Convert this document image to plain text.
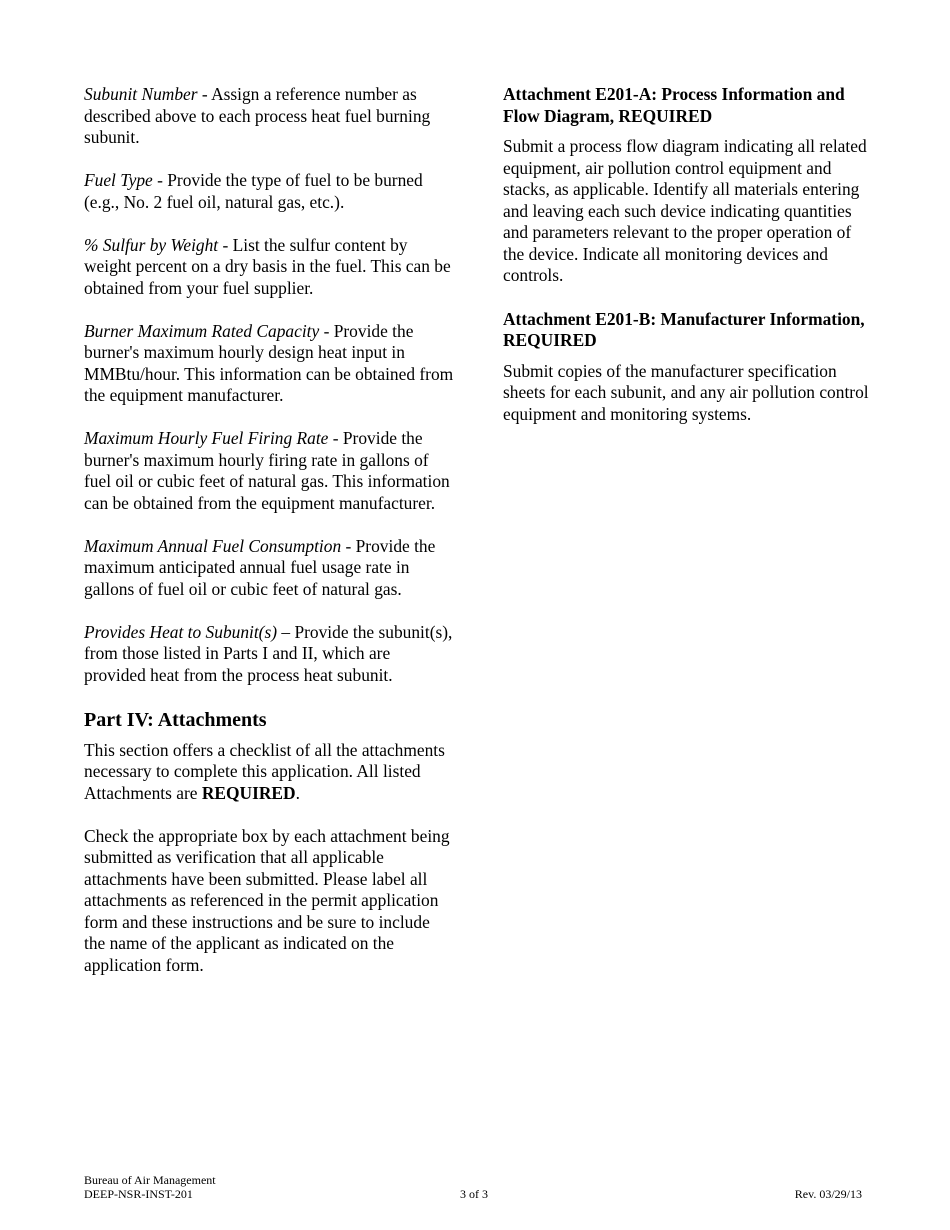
Subunit Number - Assign a reference number as described above to each process heat fuel burning subunit.

Fuel Type - Provide the type of fuel to be burned (e.g., No. 2 fuel oil, natural gas, etc.).

% Sulfur by Weight - List the sulfur content by weight percent on a dry basis in the fuel. This can be obtained from your fuel supplier.

Burner Maximum Rated Capacity - Provide the burner's maximum hourly design heat input in MMBtu/hour. This information can be obtained from the equipment manufacturer.

Maximum Hourly Fuel Firing Rate - Provide the burner's maximum hourly firing rate in gallons of fuel oil or cubic feet of natural gas. This information can be obtained from the equipment manufacturer.

Maximum Annual Fuel Consumption - Provide the maximum anticipated annual fuel usage rate in gallons of fuel oil or cubic feet of natural gas.

Provides Heat to Subunit(s) – Provide the subunit(s), from those listed in Parts I and II, which are provided heat from the process heat subunit.

Part IV: Attachments

This section offers a checklist of all the attachments necessary to complete this application. All listed Attachments are REQUIRED.

Check the appropriate box by each attachment being submitted as verification that all applicable attachments have been submitted. Please label all attachments as referenced in the permit application form and these instructions and be sure to include the name of the applicant as indicated on the application form.

Attachment E201-A: Process Information and Flow Diagram, REQUIRED

Submit a process flow diagram indicating all related equipment, air pollution control equipment and stacks, as applicable. Identify all materials entering and leaving each such device indicating quantities and parameters relevant to the proper operation of the device. Indicate all monitoring devices and controls.

Attachment E201-B: Manufacturer Information, REQUIRED

Submit copies of the manufacturer specification sheets for each subunit, and any air pollution control equipment and monitoring systems.

Bureau of Air Management
DEEP-NSR-INST-201	3 of 3	Rev. 03/29/13
